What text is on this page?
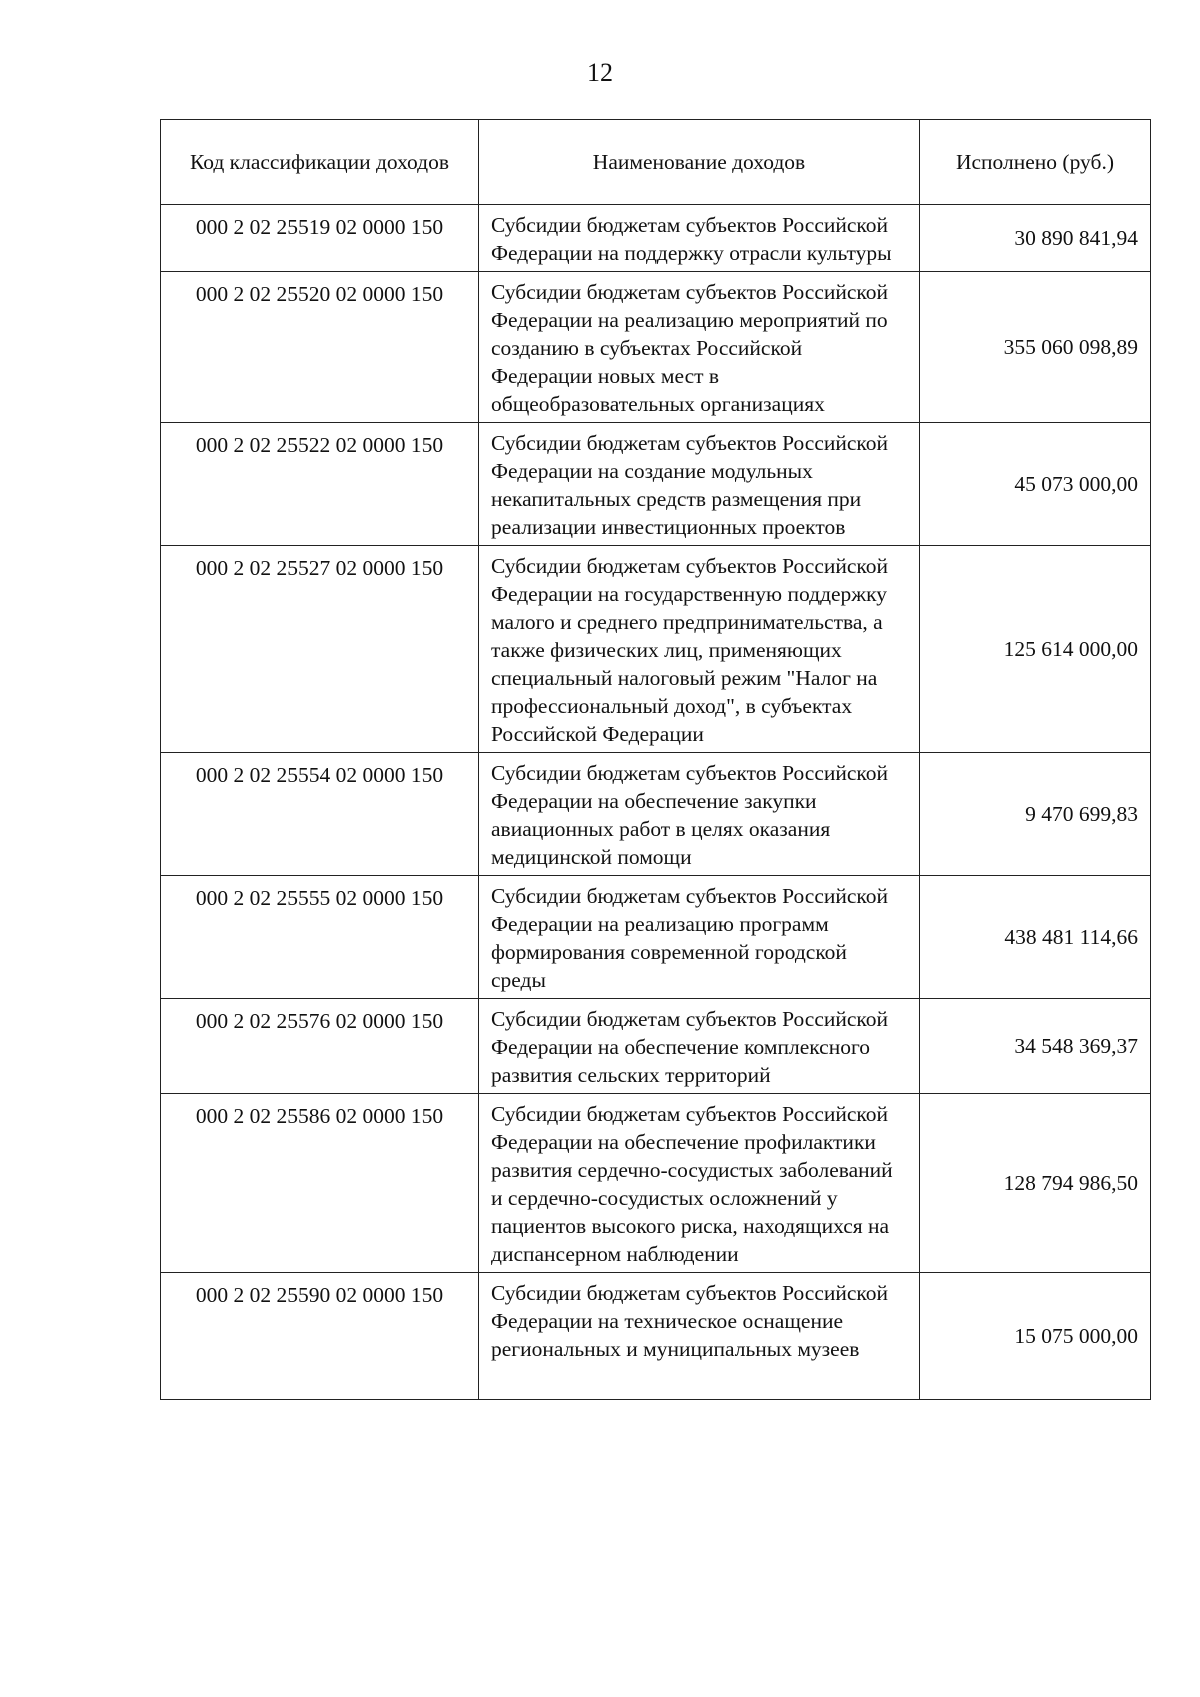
12
Код классификации доходов	Наименование доходов	Исполнено (руб.)
000 2 02 25519 02 0000 150	Субсидии бюджетам субъектов Российской Федерации на поддержку отрасли культуры	30 890 841,94
000 2 02 25520 02 0000 150	Субсидии бюджетам субъектов Российской Федерации на реализацию мероприятий по созданию в субъектах Российской Федерации новых мест в общеобразовательных организациях	355 060 098,89
000 2 02 25522 02 0000 150	Субсидии бюджетам субъектов Российской Федерации на создание модульных некапитальных средств размещения при реализации инвестиционных проектов	45 073 000,00
000 2 02 25527 02 0000 150	Субсидии бюджетам субъектов Российской Федерации на государственную поддержку малого и среднего предпринимательства, а также физических лиц, применяющих специальный налоговый режим "Налог на профессиональный доход", в субъектах Российской Федерации	125 614 000,00
000 2 02 25554 02 0000 150	Субсидии бюджетам субъектов Российской Федерации на обеспечение закупки авиационных работ в целях оказания медицинской помощи	9 470 699,83
000 2 02 25555 02 0000 150	Субсидии бюджетам субъектов Российской Федерации на реализацию программ формирования современной городской среды	438 481 114,66
000 2 02 25576 02 0000 150	Субсидии бюджетам субъектов Российской Федерации на обеспечение комплексного развития сельских территорий	34 548 369,37
000 2 02 25586 02 0000 150	Субсидии бюджетам субъектов Российской Федерации на обеспечение профилактики развития сердечно-сосудистых заболеваний и сердечно-сосудистых осложнений у пациентов высокого риска, находящихся на диспансерном наблюдении	128 794 986,50
000 2 02 25590 02 0000 150	Субсидии бюджетам субъектов Российской Федерации на техническое оснащение региональных и муниципальных музеев	15 075 000,00
